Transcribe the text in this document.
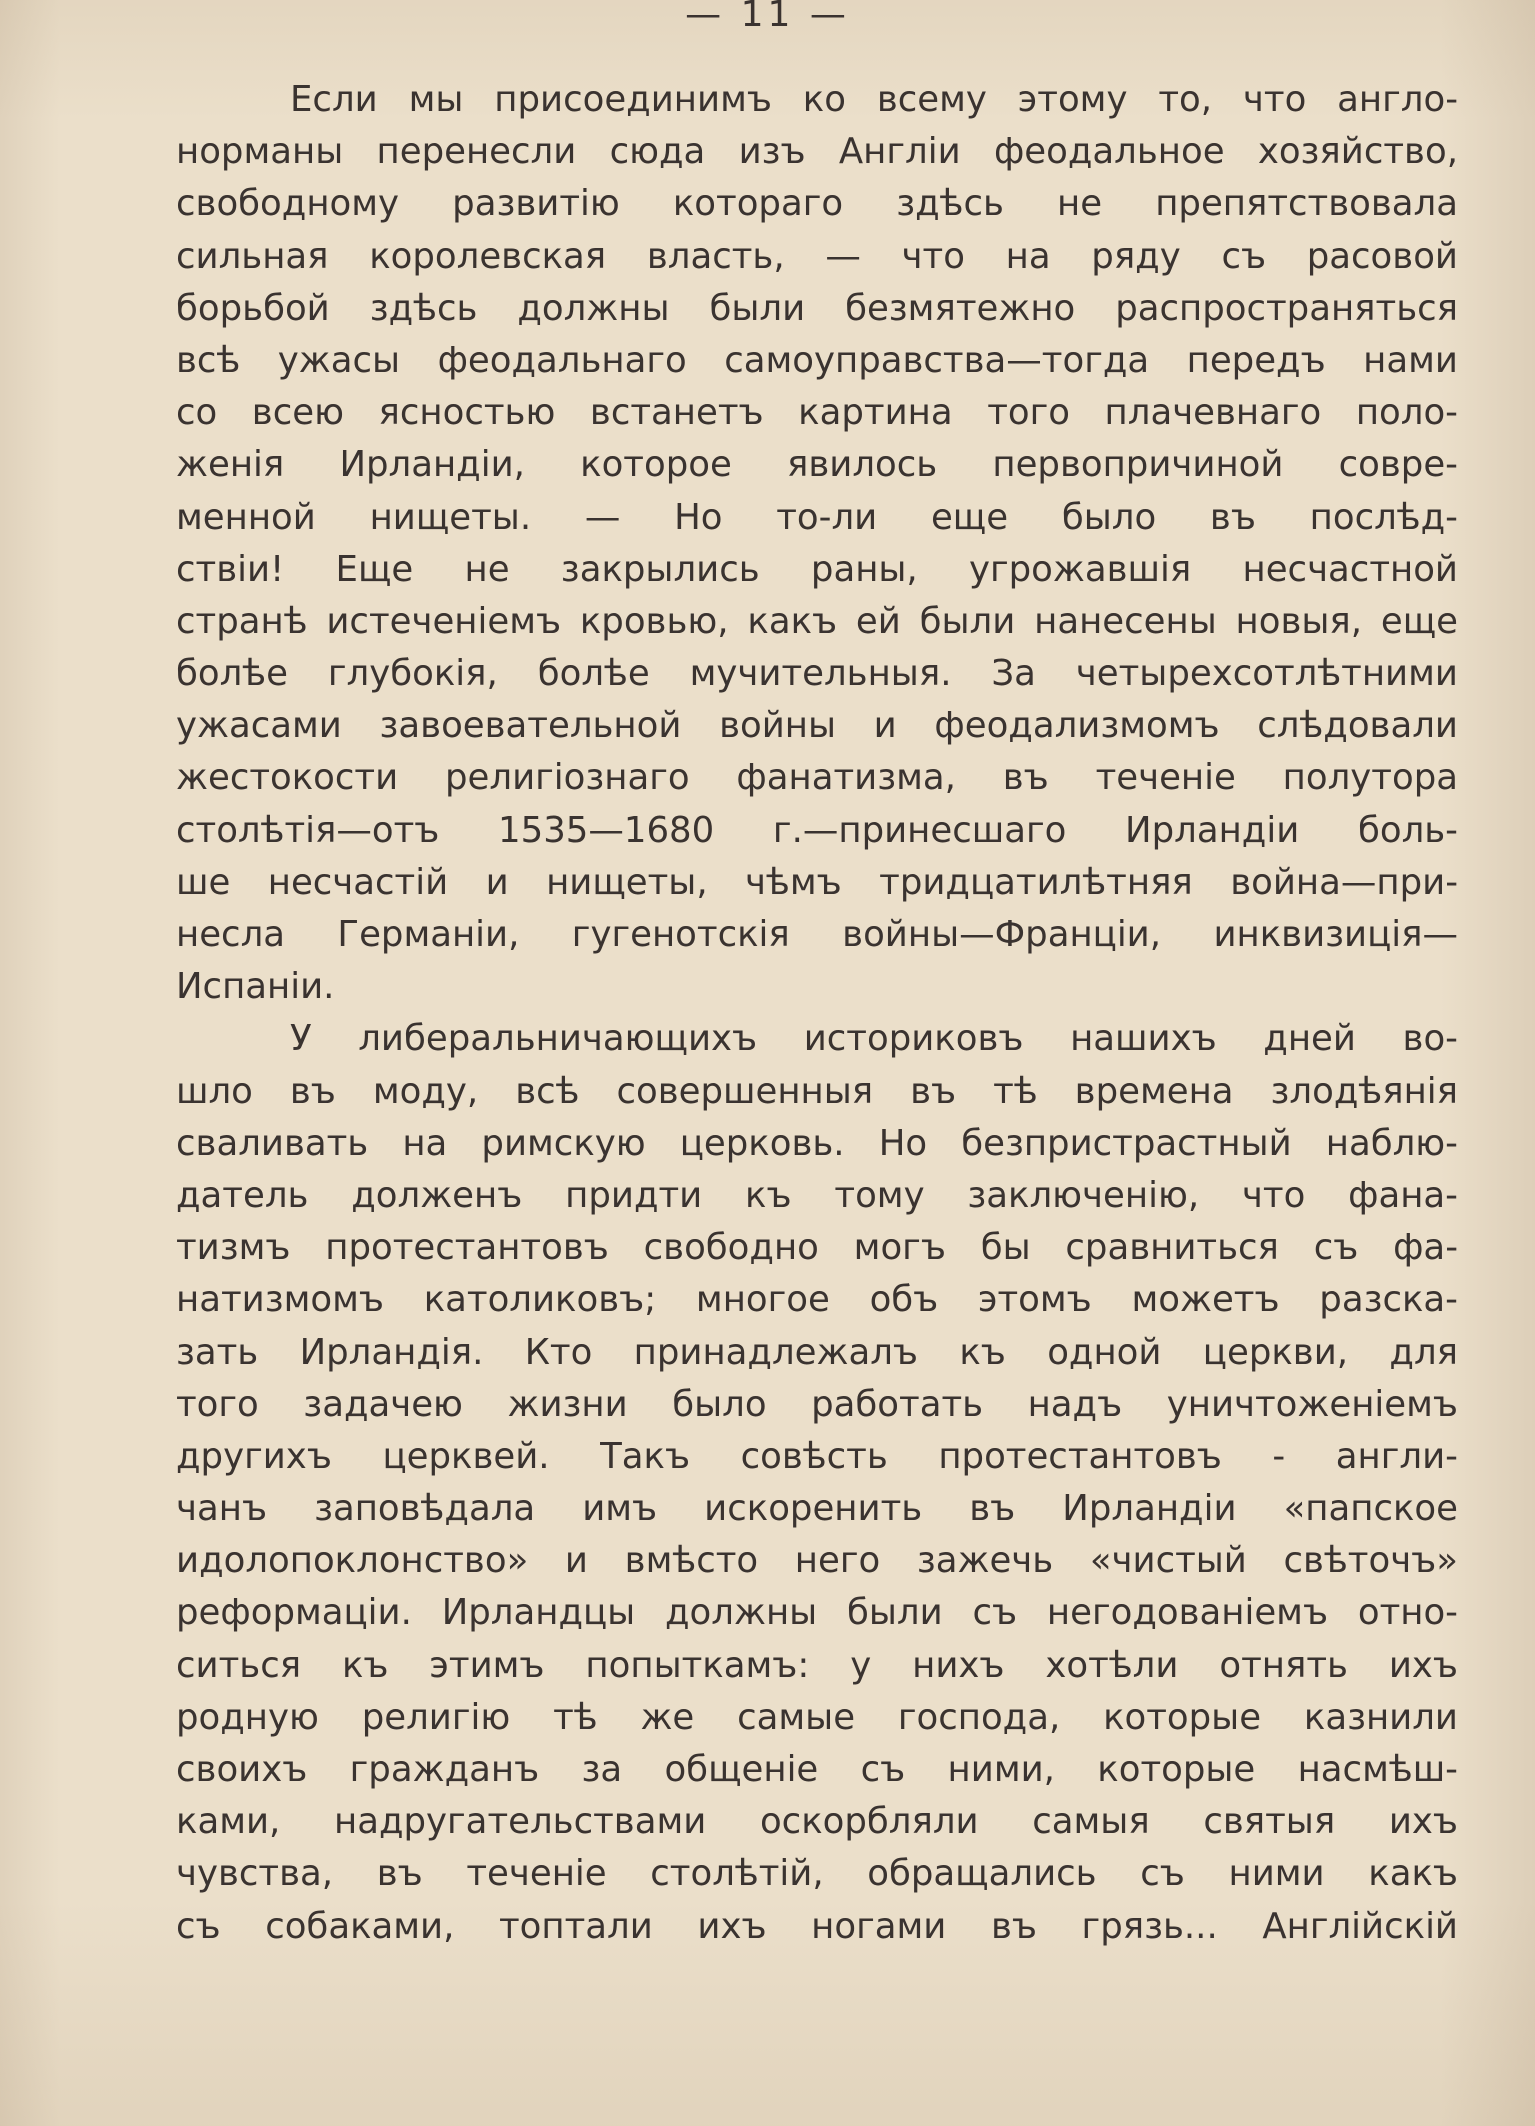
— 11 —
Если мы присоединимъ ко всему этому то, что англо-
норманы перенесли сюда изъ Англіи феодальное хозяйство,
свободному развитію котораго здѣсь не препятствовала
сильная королевская власть, — что на ряду съ расовой
борьбой здѣсь должны были безмятежно распространяться
всѣ ужасы феодальнаго самоуправства—тогда передъ нами
со всею ясностью встанетъ картина того плачевнаго поло-
женія Ирландіи, которое явилось первопричиной совре-
менной нищеты. — Но то-ли еще было въ послѣд-
ствіи! Еще не закрылись раны, угрожавшія несчастной
странѣ истеченіемъ кровью, какъ ей были нанесены новыя, еще
болѣе глубокія, болѣе мучительныя. За четырехсотлѣтними
ужасами завоевательной войны и феодализмомъ слѣдовали
жестокости религіознаго фанатизма, въ теченіе полутора
столѣтія—отъ 1535—1680 г.—принесшаго Ирландіи боль-
ше несчастій и нищеты, чѣмъ тридцатилѣтняя война—при-
несла Германіи, гугенотскія войны—Франціи, инквизиція—
Испаніи.
У либеральничающихъ историковъ нашихъ дней во-
шло въ моду, всѣ совершенныя въ тѣ времена злодѣянія
сваливать на римскую церковь. Но безпристрастный наблю-
датель долженъ придти къ тому заключенію, что фана-
тизмъ протестантовъ свободно могъ бы сравниться съ фа-
натизмомъ католиковъ; многое объ этомъ можетъ разска-
зать Ирландія. Кто принадлежалъ къ одной церкви, для
того задачею жизни было работать надъ уничтоженіемъ
другихъ церквей. Такъ совѣсть протестантовъ - англи-
чанъ заповѣдала имъ искоренить въ Ирландіи «папское
идолопоклонство» и вмѣсто него зажечь «чистый свѣточъ»
реформаціи. Ирландцы должны были съ негодованіемъ отно-
ситься къ этимъ попыткамъ: у нихъ хотѣли отнять ихъ
родную религію тѣ же самые господа, которые казнили
своихъ гражданъ за общеніе съ ними, которые насмѣш-
ками, надругательствами оскорбляли самыя святыя ихъ
чувства, въ теченіе столѣтій, обращались съ ними какъ
съ собаками, топтали ихъ ногами въ грязь... Англійскій
